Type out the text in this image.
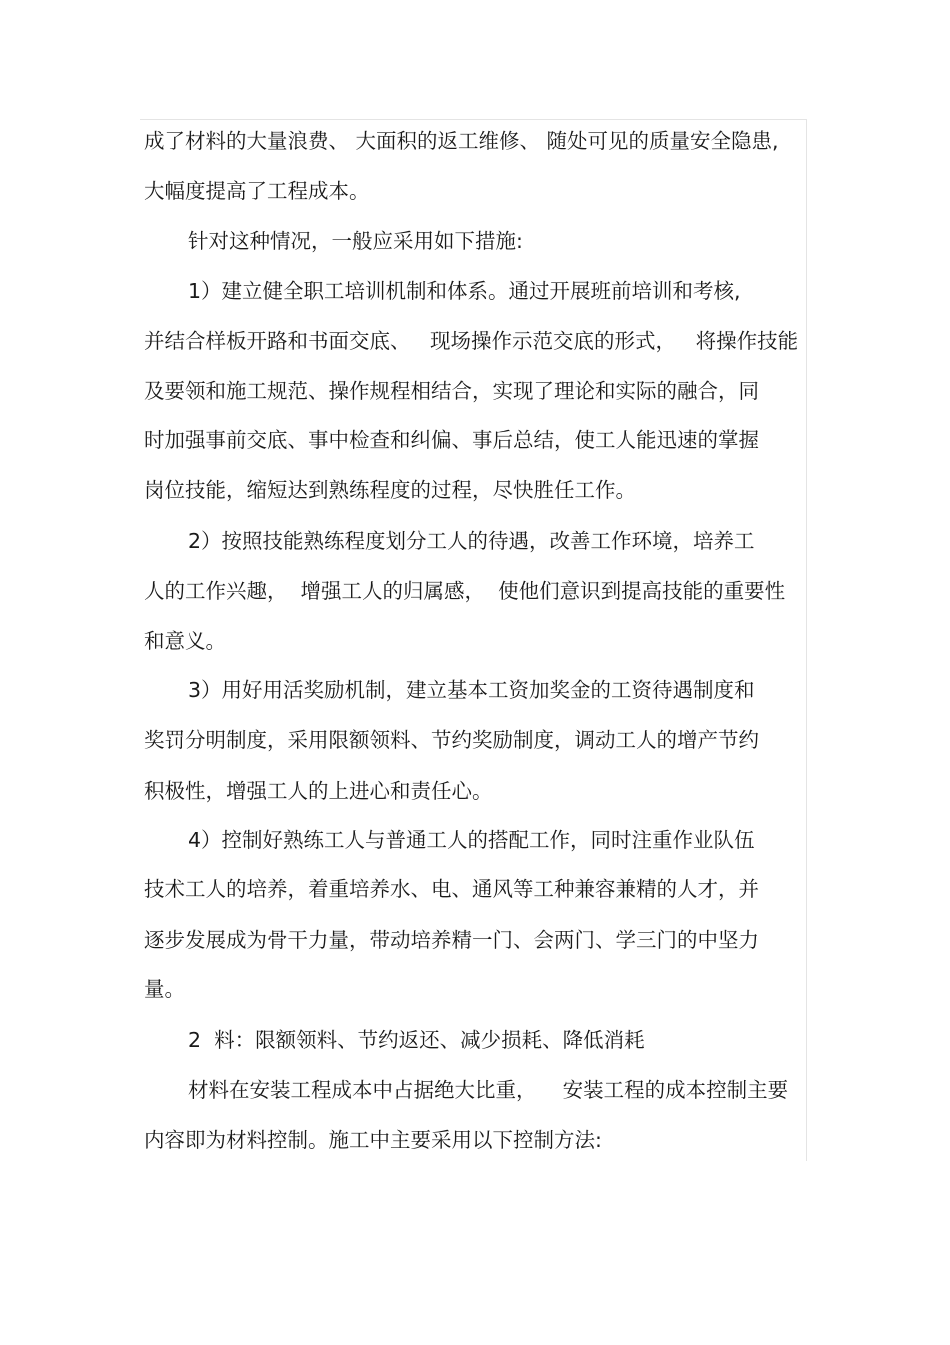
成了材料的大量浪费、 大面积的返工维修、 随处可见的质量安全隐患,
大幅度提高了工程成本。
针对这种情况，一般应采用如下措施:
1）建立健全职工培训机制和体系。通过开展班前培训和考核,
并结合样板开路和书面交底、   现场操作示范交底的形式，   将操作技能
及要领和施工规范、操作规程相结合，实现了理论和实际的融合，同
时加强事前交底、事中检查和纠偏、事后总结，使工人能迅速的掌握
岗位技能，缩短达到熟练程度的过程，尽快胜任工作。
2）按照技能熟练程度划分工人的待遇，改善工作环境，培养工
人的工作兴趣，  增强工人的归属感，  使他们意识到提高技能的重要性
和意义。
3）用好用活奖励机制，建立基本工资加奖金的工资待遇制度和
奖罚分明制度，采用限额领料、节约奖励制度，调动工人的增产节约
积极性，增强工人的上进心和责任心。
4）控制好熟练工人与普通工人的搭配工作，同时注重作业队伍
技术工人的培养，着重培养水、电、通风等工种兼容兼精的人才，并
逐步发展成为骨干力量，带动培养精一门、会两门、学三门的中坚力
量。
2  料：限额领料、节约返还、减少损耗、降低消耗
材料在安装工程成本中占据绝大比重，    安装工程的成本控制主要
内容即为材料控制。施工中主要采用以下控制方法:
